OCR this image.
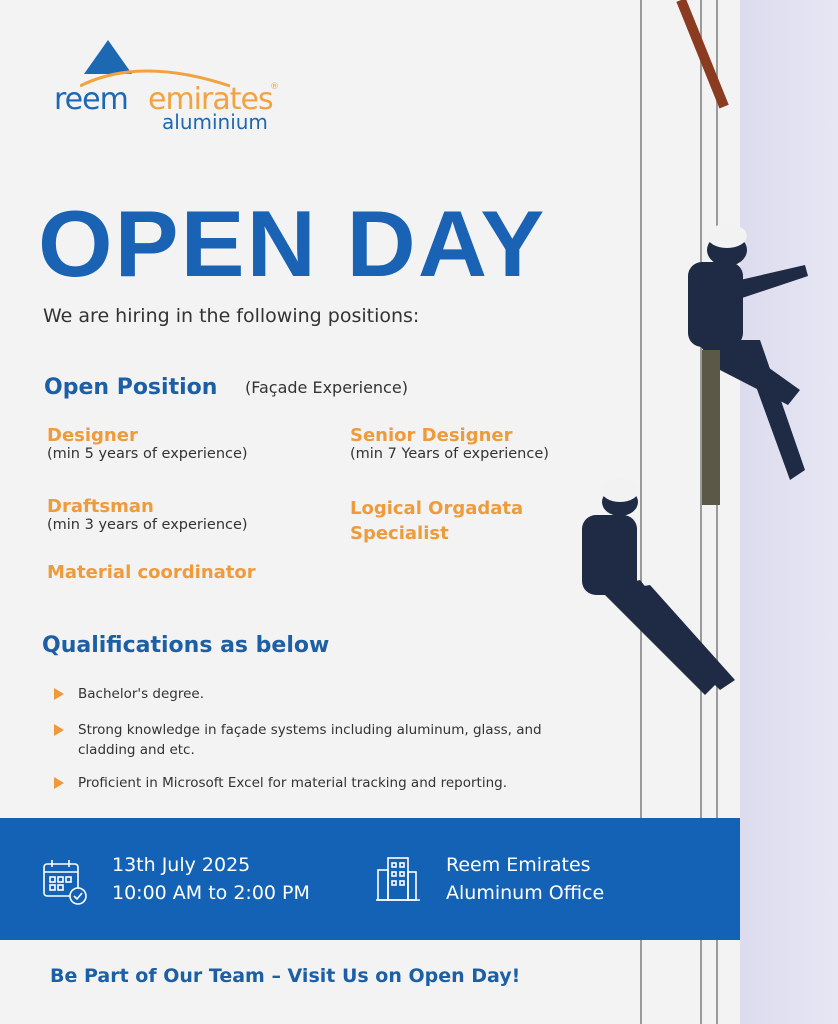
reem emirates
aluminium
®
OPEN DAY
We are hiring in the following positions:
Open Position (Façade Experience)
Designer
(min 5 years of experience)
Senior Designer
(min 7 Years of experience)
Draftsman
(min 3 years of experience)
Logical Orgadata Specialist
Material coordinator
Qualifications as below
Bachelor's degree.
Strong knowledge in façade systems including aluminum, glass, and cladding and etc.
Proficient in Microsoft Excel for material tracking and reporting.
13th July 2025
10:00 AM to 2:00 PM
Reem Emirates
Aluminum Office
Be Part of Our Team – Visit Us on Open Day!
